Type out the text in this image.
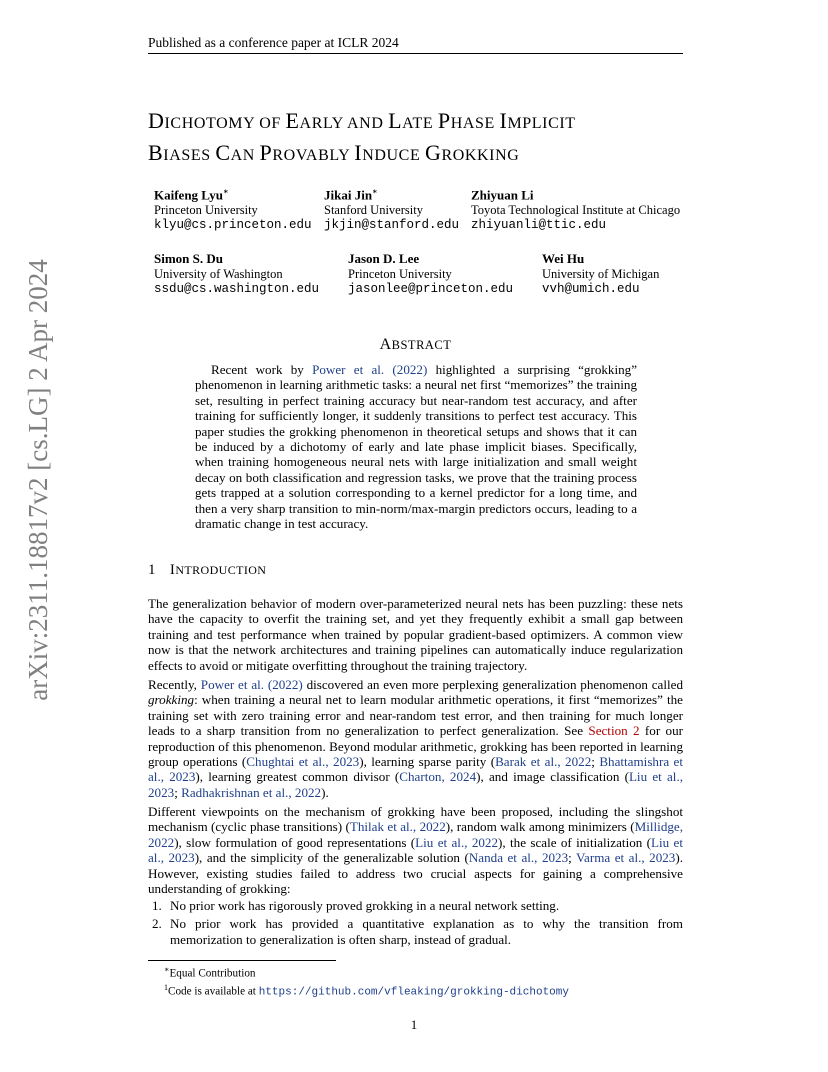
Published as a conference paper at ICLR 2024
arXiv:2311.18817v2 [cs.LG] 2 Apr 2024
DICHOTOMY OF EARLY AND LATE PHASE IMPLICIT
BIASES CAN PROVABLY INDUCE GROKKING
Kaifeng Lyu∗
Princeton University
klyu@cs.princeton.edu
Jikai Jin∗
Stanford University
jkjin@stanford.edu
Zhiyuan Li
Toyota Technological Institute at Chicago
zhiyuanli@ttic.edu
Simon S. Du
University of Washington
ssdu@cs.washington.edu
Jason D. Lee
Princeton University
jasonlee@princeton.edu
Wei Hu
University of Michigan
vvh@umich.edu
ABSTRACT
Recent work by Power et al. (2022) highlighted a surprising “grokking” phenomenon in learning arithmetic tasks: a neural net first “memorizes” the training set, resulting in perfect training accuracy but near-random test accuracy, and after training for sufficiently longer, it suddenly transitions to perfect test accuracy. This paper studies the grokking phenomenon in theoretical setups and shows that it can be induced by a dichotomy of early and late phase implicit biases. Specifically, when training homogeneous neural nets with large initialization and small weight decay on both classification and regression tasks, we prove that the training process gets trapped at a solution corresponding to a kernel predictor for a long time, and then a very sharp transition to min-norm/max-margin predictors occurs, leading to a dramatic change in test accuracy.
1 INTRODUCTION

The generalization behavior of modern over-parameterized neural nets has been puzzling: these nets have the capacity to overfit the training set, and yet they frequently exhibit a small gap between training and test performance when trained by popular gradient-based optimizers. A common view now is that the network architectures and training pipelines can automatically induce regularization effects to avoid or mitigate overfitting throughout the training trajectory.

Recently, Power et al. (2022) discovered an even more perplexing generalization phenomenon called grokking: when training a neural net to learn modular arithmetic operations, it first “memorizes” the training set with zero training error and near-random test error, and then training for much longer leads to a sharp transition from no generalization to perfect generalization. See Section 2 for our reproduction of this phenomenon. Beyond modular arithmetic, grokking has been reported in learning group operations (Chughtai et al., 2023), learning sparse parity (Barak et al., 2022; Bhattamishra et al., 2023), learning greatest common divisor (Charton, 2024), and image classification (Liu et al., 2023; Radhakrishnan et al., 2022).

Different viewpoints on the mechanism of grokking have been proposed, including the slingshot mechanism (cyclic phase transitions) (Thilak et al., 2022), random walk among minimizers (Millidge, 2022), slow formulation of good representations (Liu et al., 2022), the scale of initialization (Liu et al., 2023), and the simplicity of the generalizable solution (Nanda et al., 2023; Varma et al., 2023). However, existing studies failed to address two crucial aspects for gaining a comprehensive understanding of grokking:

1. No prior work has rigorously proved grokking in a neural network setting.
2. No prior work has provided a quantitative explanation as to why the transition from memorization to generalization is often sharp, instead of gradual.
∗Equal Contribution
$^1$Code is available at https://github.com/vfleaking/grokking-dichotomy
1
